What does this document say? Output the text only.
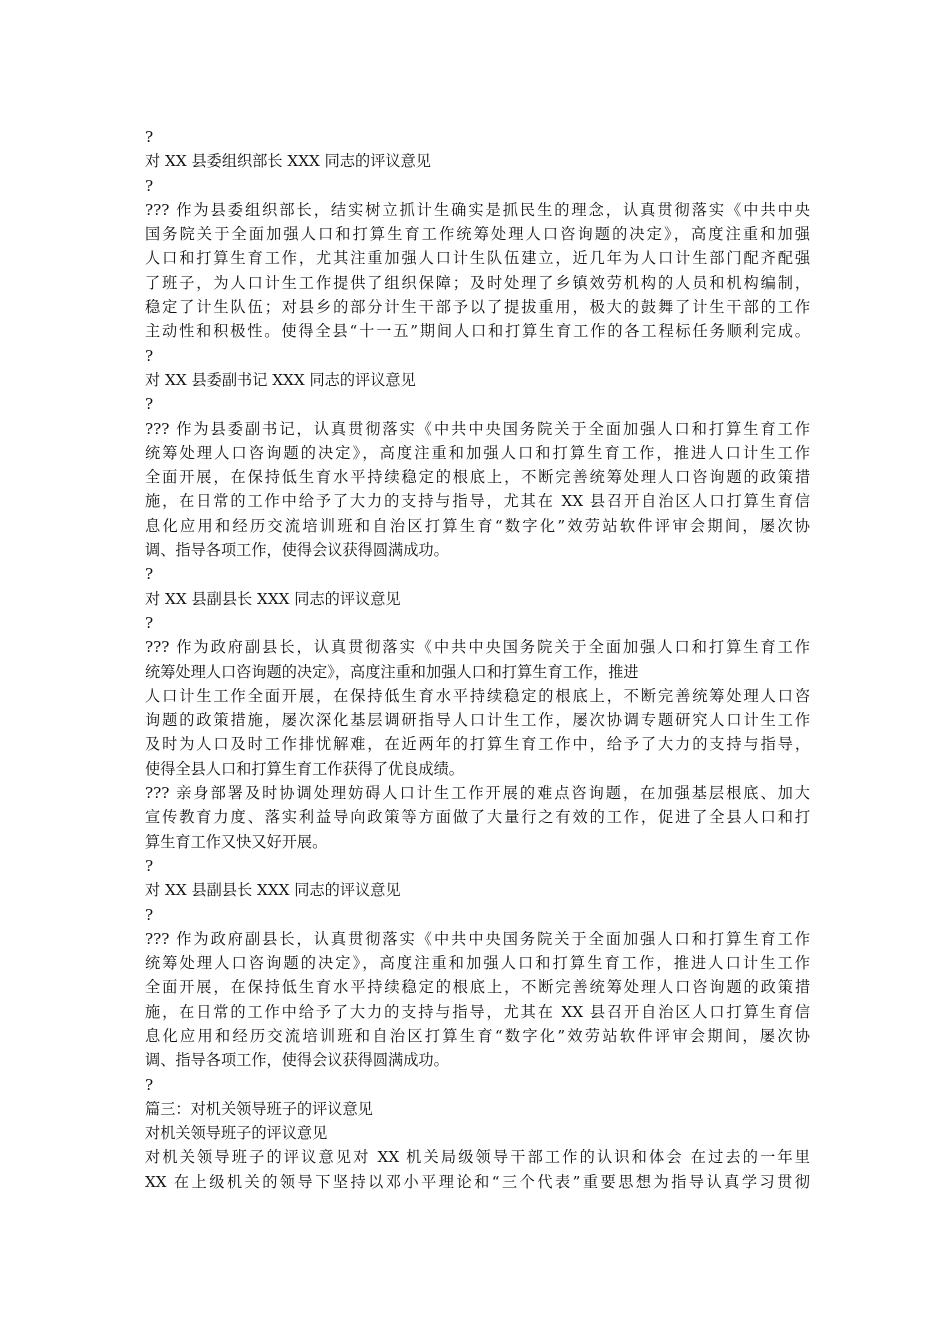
?
对 XX 县委组织部长 XXX 同志的评议意见
?
??? 作为县委组织部长，结实树立抓计生确实是抓民生的理念，认真贯彻落实《中共中央
国务院关于全面加强人口和打算生育工作统筹处理人口咨询题的决定》，高度注重和加强
人口和打算生育工作，尤其注重加强人口计生队伍建立，近几年为人口计生部门配齐配强
了班子，为人口计生工作提供了组织保障；及时处理了乡镇效劳机构的人员和机构编制，
稳定了计生队伍；对县乡的部分计生干部予以了提拔重用，极大的鼓舞了计生干部的工作
主动性和积极性。使得全县“十一五”期间人口和打算生育工作的各工程标任务顺利完成。
?
对 XX 县委副书记 XXX 同志的评议意见
?
??? 作为县委副书记，认真贯彻落实《中共中央国务院关于全面加强人口和打算生育工作
统筹处理人口咨询题的决定》，高度注重和加强人口和打算生育工作，推进人口计生工作
全面开展，在保持低生育水平持续稳定的根底上，不断完善统筹处理人口咨询题的政策措
施，在日常的工作中给予了大力的支持与指导，尤其在 XX 县召开自治区人口打算生育信
息化应用和经历交流培训班和自治区打算生育“数字化”效劳站软件评审会期间，屡次协
调、指导各项工作，使得会议获得圆满成功。
?
对 XX 县副县长 XXX 同志的评议意见
?
??? 作为政府副县长，认真贯彻落实《中共中央国务院关于全面加强人口和打算生育工作
统筹处理人口咨询题的决定》，高度注重和加强人口和打算生育工作，推进
人口计生工作全面开展，在保持低生育水平持续稳定的根底上，不断完善统筹处理人口咨
询题的政策措施，屡次深化基层调研指导人口计生工作，屡次协调专题研究人口计生工作
及时为人口及时工作排忧解难，在近两年的打算生育工作中，给予了大力的支持与指导，
使得全县人口和打算生育工作获得了优良成绩。
??? 亲身部署及时协调处理妨碍人口计生工作开展的难点咨询题，在加强基层根底、加大
宣传教育力度、落实利益导向政策等方面做了大量行之有效的工作，促进了全县人口和打
算生育工作又快又好开展。
?
对 XX 县副县长 XXX 同志的评议意见
?
??? 作为政府副县长，认真贯彻落实《中共中央国务院关于全面加强人口和打算生育工作
统筹处理人口咨询题的决定》，高度注重和加强人口和打算生育工作，推进人口计生工作
全面开展，在保持低生育水平持续稳定的根底上，不断完善统筹处理人口咨询题的政策措
施，在日常的工作中给予了大力的支持与指导，尤其在 XX 县召开自治区人口打算生育信
息化应用和经历交流培训班和自治区打算生育“数字化”效劳站软件评审会期间，屡次协
调、指导各项工作，使得会议获得圆满成功。
?
篇三：对机关领导班子的评议意见
对机关领导班子的评议意见
对机关领导班子的评议意见对 XX 机关局级领导干部工作的认识和体会 在过去的一年里
XX 在上级机关的领导下坚持以邓小平理论和“三个代表”重要思想为指导认真学习贯彻
